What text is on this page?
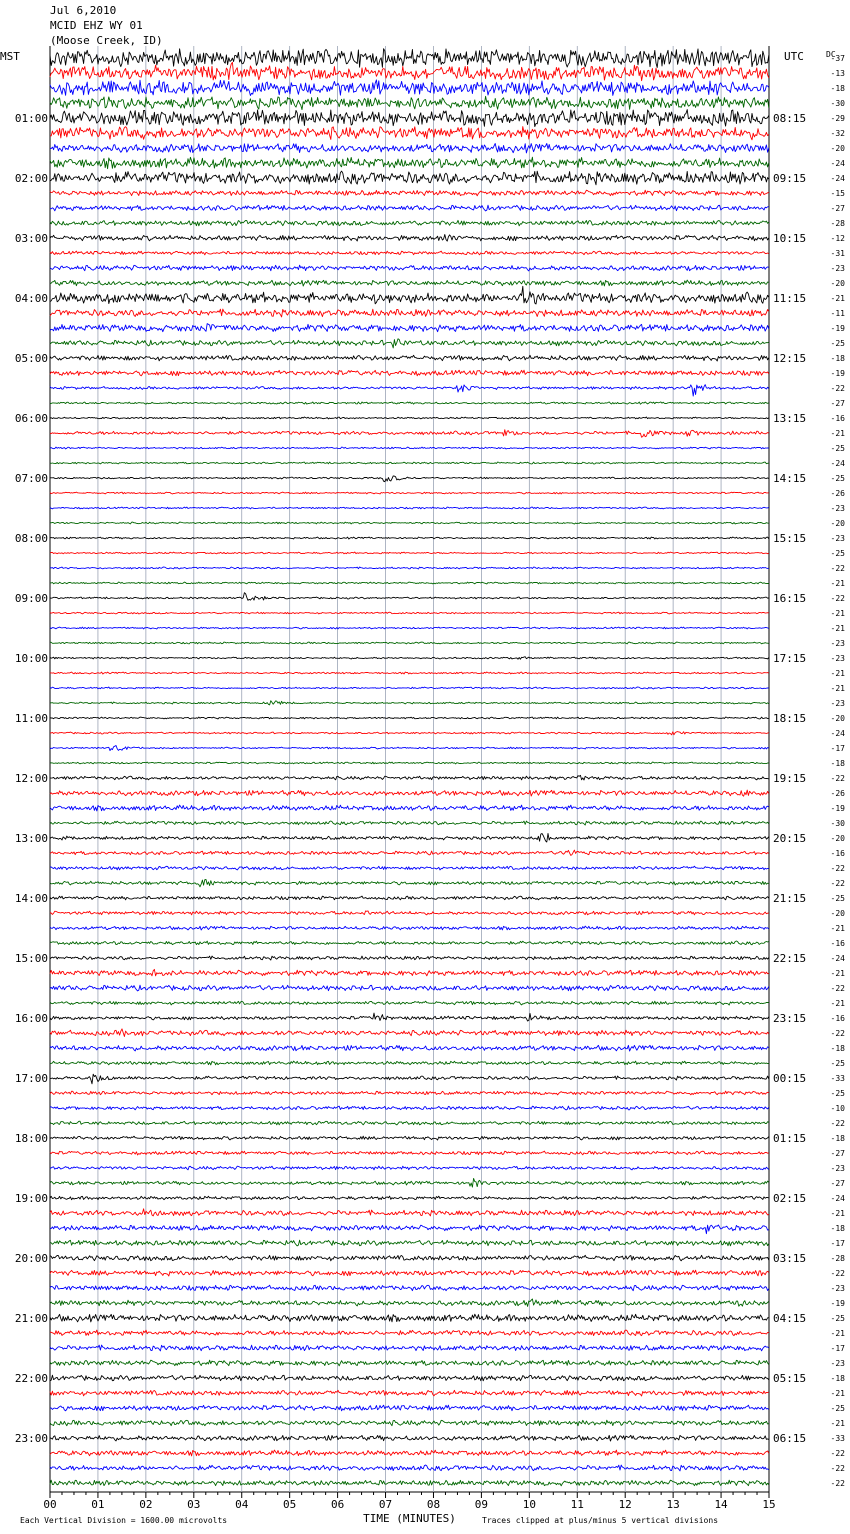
Jul 6,2010
MCID EHZ WY 01
(Moose Creek, ID)
00	01	02	03	04	05	06	07	08	09	10	11	12	13	14	15
TIME (MINUTES)
Each Vertical Division = 1600.00 microvolts	Traces clipped at plus/minus 5 vertical divisions
MST	UTC	DC
-37
-13
-18
-30
-29
-32
-20
-24
-24
-15
-27
-28
-12
-31
-23
-20
-21
-11
-19
-25
-18
-19
-22
-27
-16
-21
-25
-24
-25
-26
-23
-20
-23
-25
-22
-21
-22
-21
-21
-23
-23
-21
-21
-23
-20
-24
-17
-18
-22
-26
-19
-30
-20
-16
-22
-22
-25
-20
-21
-16
-24
-21
-22
-21
-16
-22
-18
-25
-33
-25
-10
-22
-18
-27
-23
-27
-24
-21
-18
-17
-28
-22
-23
-19
-25
-21
-17
-23
-18
-21
-25
-21
-33
-22
-22
-22
01:00
02:00
03:00
04:00
05:00
06:00
07:00
08:00
09:00
10:00
11:00
12:00
13:00
14:00
15:00
16:00
17:00
18:00
19:00
20:00
21:00
22:00
23:00
08:15
09:15
10:15
11:15
12:15
13:15
14:15
15:15
16:15
17:15
18:15
19:15
20:15
21:15
22:15
23:15
00:15
01:15
02:15
03:15
04:15
05:15
06:15
